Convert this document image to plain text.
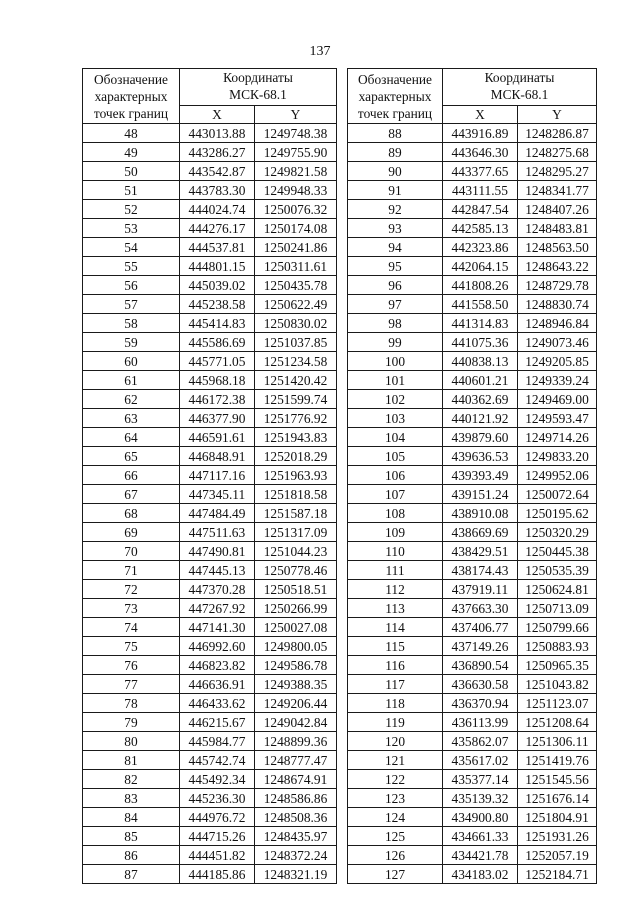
137
Обозначение
характерных
точек границ	Координаты
МСК-68.1	
	X	Y
48	443013.88	1249748.38
49	443286.27	1249755.90
50	443542.87	1249821.58
51	443783.30	1249948.33
52	444024.74	1250076.32
53	444276.17	1250174.08
54	444537.81	1250241.86
55	444801.15	1250311.61
56	445039.02	1250435.78
57	445238.58	1250622.49
58	445414.83	1250830.02
59	445586.69	1251037.85
60	445771.05	1251234.58
61	445968.18	1251420.42
62	446172.38	1251599.74
63	446377.90	1251776.92
64	446591.61	1251943.83
65	446848.91	1252018.29
66	447117.16	1251963.93
67	447345.11	1251818.58
68	447484.49	1251587.18
69	447511.63	1251317.09
70	447490.81	1251044.23
71	447445.13	1250778.46
72	447370.28	1250518.51
73	447267.92	1250266.99
74	447141.30	1250027.08
75	446992.60	1249800.05
76	446823.82	1249586.78
77	446636.91	1249388.35
78	446433.62	1249206.44
79	446215.67	1249042.84
80	445984.77	1248899.36
81	445742.74	1248777.47
82	445492.34	1248674.91
83	445236.30	1248586.86
84	444976.72	1248508.36
85	444715.26	1248435.97
86	444451.82	1248372.24
87	444185.86	1248321.19
Обозначение
характерных
точек границ	Координаты
МСК-68.1	
	X	Y
88	443916.89	1248286.87
89	443646.30	1248275.68
90	443377.65	1248295.27
91	443111.55	1248341.77
92	442847.54	1248407.26
93	442585.13	1248483.81
94	442323.86	1248563.50
95	442064.15	1248643.22
96	441808.26	1248729.78
97	441558.50	1248830.74
98	441314.83	1248946.84
99	441075.36	1249073.46
100	440838.13	1249205.85
101	440601.21	1249339.24
102	440362.69	1249469.00
103	440121.92	1249593.47
104	439879.60	1249714.26
105	439636.53	1249833.20
106	439393.49	1249952.06
107	439151.24	1250072.64
108	438910.08	1250195.62
109	438669.69	1250320.29
110	438429.51	1250445.38
111	438174.43	1250535.39
112	437919.11	1250624.81
113	437663.30	1250713.09
114	437406.77	1250799.66
115	437149.26	1250883.93
116	436890.54	1250965.35
117	436630.58	1251043.82
118	436370.94	1251123.07
119	436113.99	1251208.64
120	435862.07	1251306.11
121	435617.02	1251419.76
122	435377.14	1251545.56
123	435139.32	1251676.14
124	434900.80	1251804.91
125	434661.33	1251931.26
126	434421.78	1252057.19
127	434183.02	1252184.71
